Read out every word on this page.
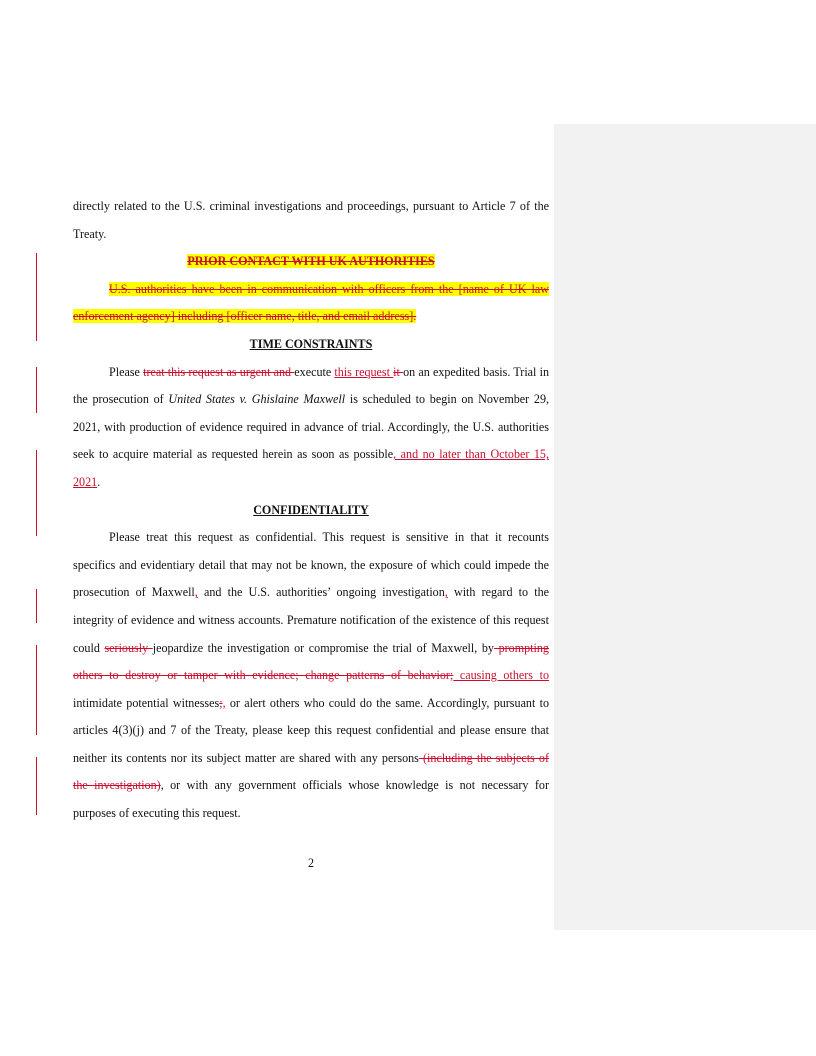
directly related to the U.S. criminal investigations and proceedings, pursuant to Article 7 of the Treaty.

PRIOR CONTACT WITH UK AUTHORITIES

U.S. authorities have been in communication with officers from the [name of UK law enforcement agency] including [officer name, title, and email address].

TIME CONSTRAINTS

Please treat this request as urgent and execute this request it on an expedited basis. Trial in the prosecution of United States v. Ghislaine Maxwell is scheduled to begin on November 29, 2021, with production of evidence required in advance of trial. Accordingly, the U.S. authorities seek to acquire material as requested herein as soon as possible, and no later than October 15, 2021.

CONFIDENTIALITY

Please treat this request as confidential. This request is sensitive in that it recounts specifics and evidentiary detail that may not be known, the exposure of which could impede the prosecution of Maxwell, and the U.S. authorities’ ongoing investigation, with regard to the integrity of evidence and witness accounts. Premature notification of the existence of this request could seriously jeopardize the investigation or compromise the trial of Maxwell, by prompting others to destroy or tamper with evidence; change patterns of behavior; causing others to intimidate potential witnesses;, or alert others who could do the same. Accordingly, pursuant to articles 4(3)(j) and 7 of the Treaty, please keep this request confidential and please ensure that neither its contents nor its subject matter are shared with any persons (including the subjects of the investigation), or with any government officials whose knowledge is not necessary for purposes of executing this request.

2
